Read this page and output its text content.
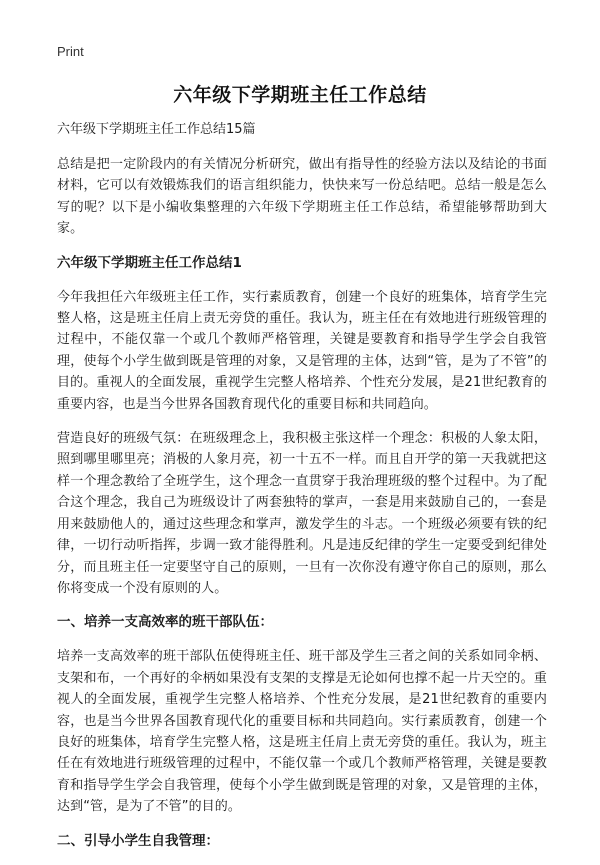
Print
六年级下学期班主任工作总结
六年级下学期班主任工作总结15篇

总结是把一定阶段内的有关情况分析研究，做出有指导性的经验方法以及结论的书面材料，它可以有效锻炼我们的语言组织能力，快快来写一份总结吧。总结一般是怎么写的呢？以下是小编收集整理的六年级下学期班主任工作总结，希望能够帮助到大家。

六年级下学期班主任工作总结1

今年我担任六年级班主任工作，实行素质教育，创建一个良好的班集体，培育学生完整人格，这是班主任肩上责无旁贷的重任。我认为，班主任在有效地进行班级管理的过程中，不能仅靠一个或几个教师严格管理，关键是要教育和指导学生学会自我管理，使每个小学生做到既是管理的对象，又是管理的主体，达到“管，是为了不管”的目的。重视人的全面发展，重视学生完整人格培养、个性充分发展，是21世纪教育的重要内容，也是当今世界各国教育现代化的重要目标和共同趋向。

营造良好的班级气氛：在班级理念上，我积极主张这样一个理念：积极的人象太阳，照到哪里哪里亮；消极的人象月亮，初一十五不一样。而且自开学的第一天我就把这样一个理念教给了全班学生，这个理念一直贯穿于我治理班级的整个过程中。为了配合这个理念，我自己为班级设计了两套独特的掌声，一套是用来鼓励自己的，一套是用来鼓励他人的，通过这些理念和掌声，激发学生的斗志。一个班级必须要有铁的纪律，一切行动听指挥，步调一致才能得胜利。凡是违反纪律的学生一定要受到纪律处分，而且班主任一定要坚守自己的原则，一旦有一次你没有遵守你自己的原则，那么你将变成一个没有原则的人。

一、培养一支高效率的班干部队伍：

培养一支高效率的班干部队伍使得班主任、班干部及学生三者之间的关系如同伞柄、支架和布，一个再好的伞柄如果没有支架的支撑是无论如何也撑不起一片天空的。重视人的全面发展，重视学生完整人格培养、个性充分发展，是21世纪教育的重要内容，也是当今世界各国教育现代化的重要目标和共同趋向。实行素质教育，创建一个良好的班集体，培育学生完整人格，这是班主任肩上责无旁贷的重任。我认为，班主任在有效地进行班级管理的过程中，不能仅靠一个或几个教师严格管理，关键是要教育和指导学生学会自我管理，使每个小学生做到既是管理的对象，又是管理的主体，达到“管，是为了不管”的目的。

二、引导小学生自我管理：
